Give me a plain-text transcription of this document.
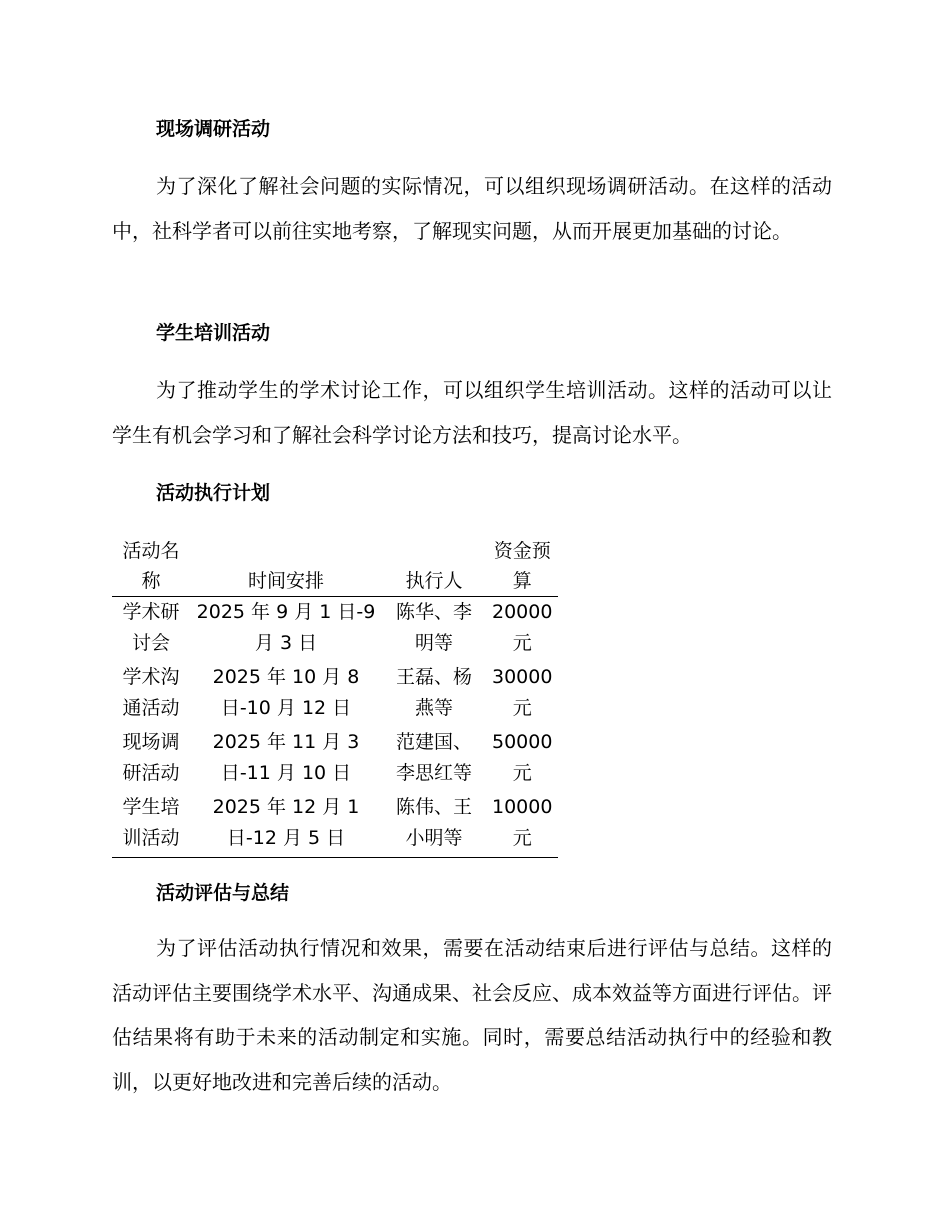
现场调研活动
为了深化了解社会问题的实际情况，可以组织现场调研活动。在这样的活动中，社科学者可以前往实地考察，了解现实问题，从而开展更加基础的讨论。
学生培训活动
为了推动学生的学术讨论工作，可以组织学生培训活动。这样的活动可以让学生有机会学习和了解社会科学讨论方法和技巧，提高讨论水平。
活动执行计划
活动名称	时间安排	执行人	资金预算
学术研讨会	2025 年 9 月 1 日-9 月 3 日	陈华、李明等	20000 元
学术沟通活动	2025 年 10 月 8 日-10 月 12 日	王磊、杨燕等	30000 元
现场调研活动	2025 年 11 月 3 日-11 月 10 日	范建国、李思红等	50000 元
学生培训活动	2025 年 12 月 1 日-12 月 5 日	陈伟、王小明等	10000 元
活动评估与总结
为了评估活动执行情况和效果，需要在活动结束后进行评估与总结。这样的活动评估主要围绕学术水平、沟通成果、社会反应、成本效益等方面进行评估。评估结果将有助于未来的活动制定和实施。同时，需要总结活动执行中的经验和教训，以更好地改进和完善后续的活动。
